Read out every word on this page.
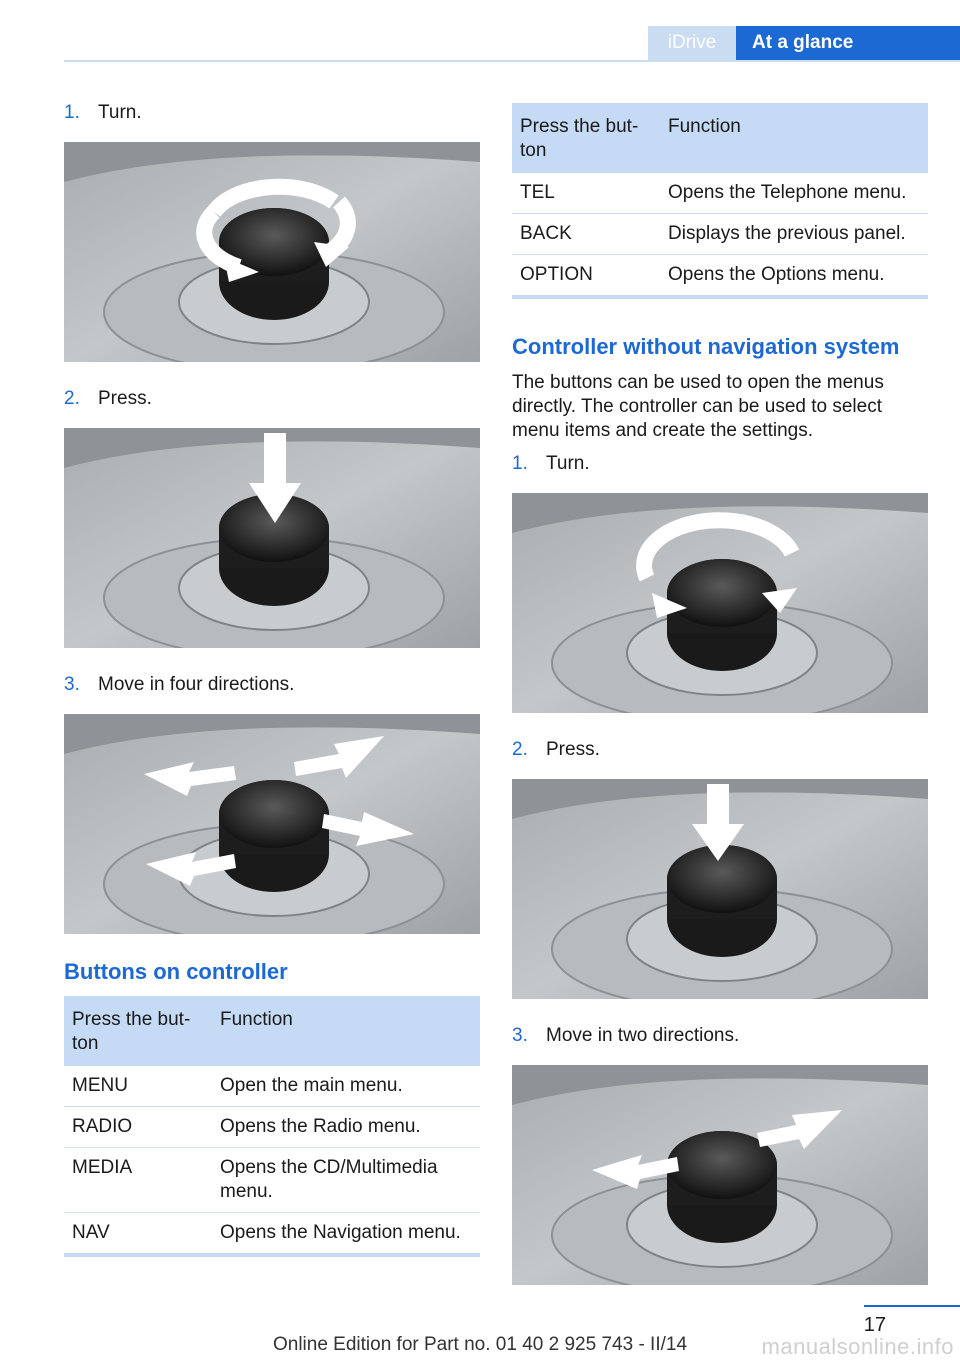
iDrive	At a glance
1. Turn.
2. Press.
3. Move in four directions.
Buttons on controller
Press the but-ton	Function
MENU	Open the main menu.
RADIO	Opens the Radio menu.
MEDIA	Opens the CD/Multimedia menu.
NAV	Opens the Navigation menu.
Press the but-ton	Function
TEL	Opens the Telephone menu.
BACK	Displays the previous panel.
OPTION	Opens the Options menu.
Controller without navigation system
The buttons can be used to open the menus directly. The controller can be used to select menu items and create the settings.
1. Turn.
2. Press.
3. Move in two directions.
17
Online Edition for Part no. 01 40 2 925 743 - II/14	manualsonline.info
